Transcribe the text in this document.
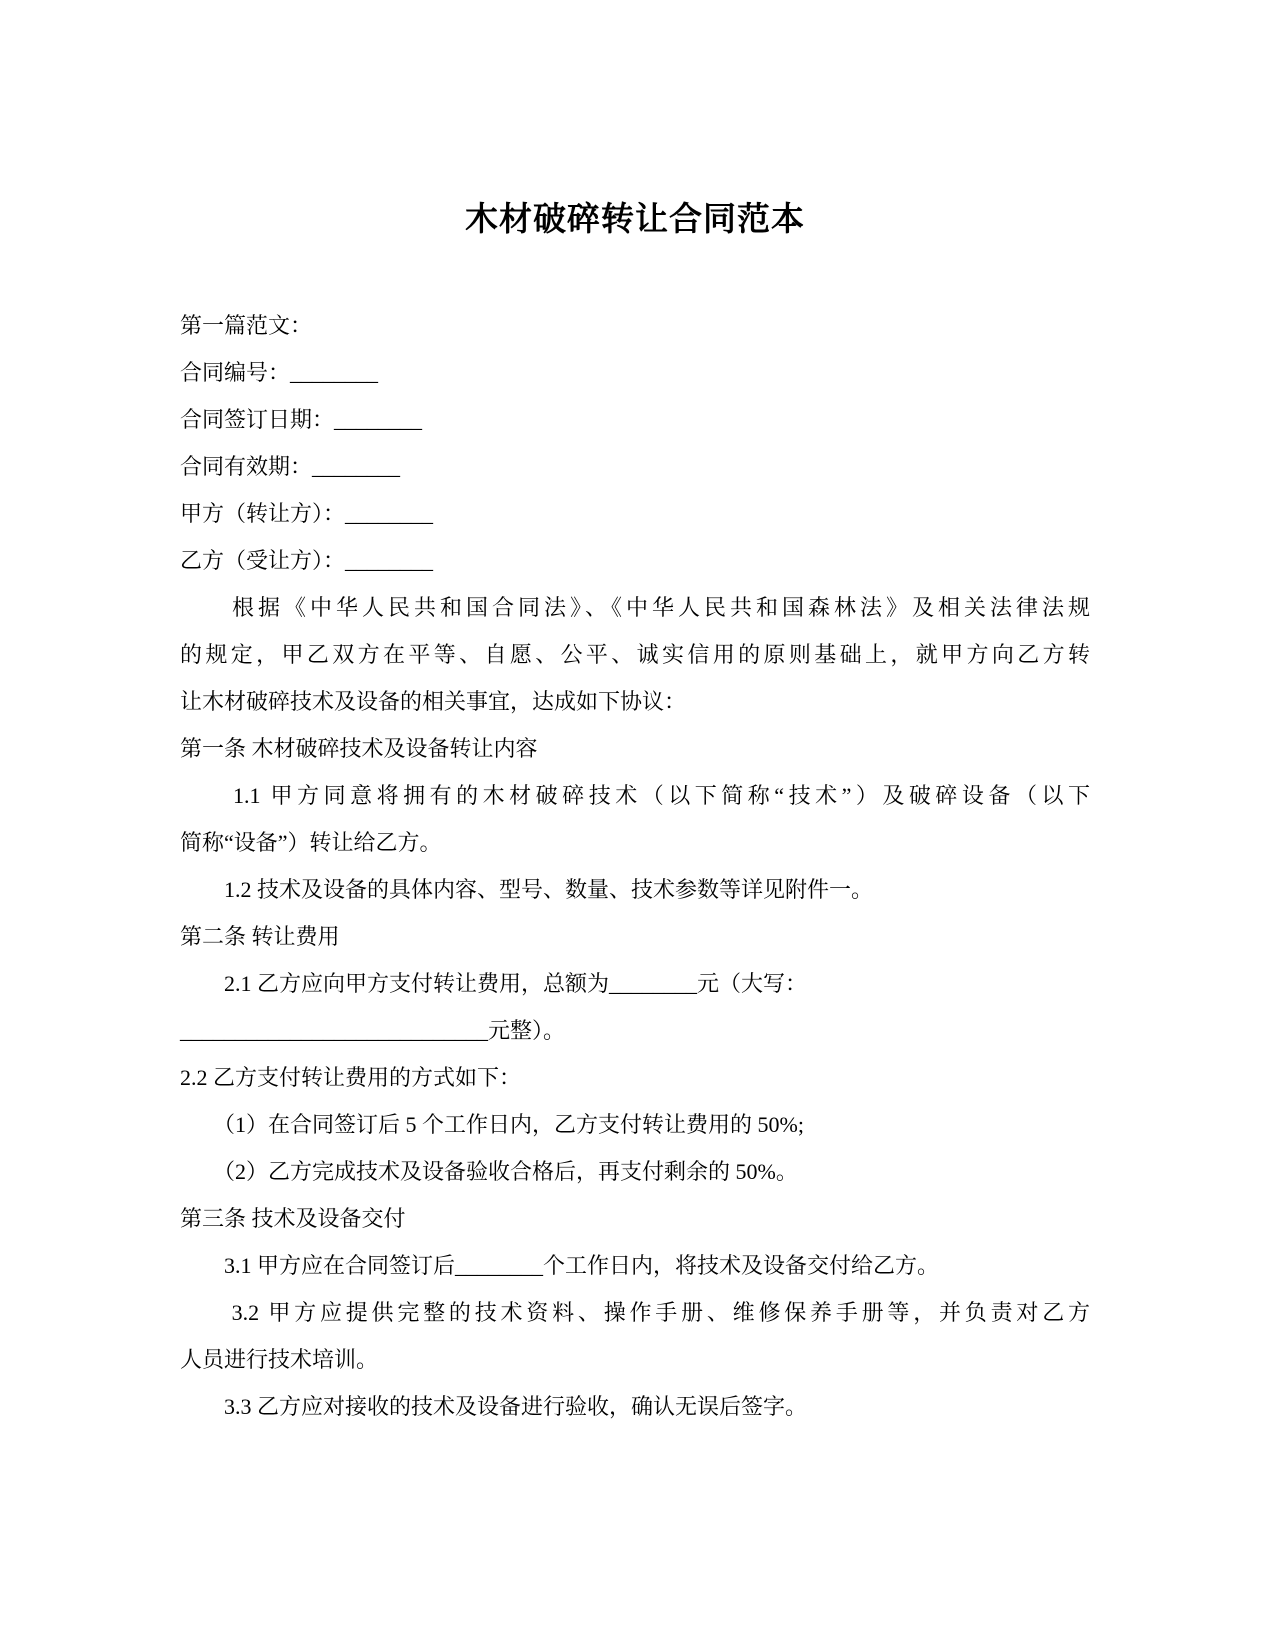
木材破碎转让合同范本
第一篇范文：
合同编号：________
合同签订日期：________
合同有效期：________
甲方（转让方）：________
乙方（受让方）：________
　　根据《中华人民共和国合同法》、《中华人民共和国森林法》及相关法律法规
的规定，甲乙双方在平等、自愿、公平、诚实信用的原则基础上，就甲方向乙方转
让木材破碎技术及设备的相关事宜，达成如下协议：
第一条 木材破碎技术及设备转让内容
　　1.1 甲方同意将拥有的木材破碎技术（以下简称“技术”）及破碎设备（以下
简称“设备”）转让给乙方。
　　1.2 技术及设备的具体内容、型号、数量、技术参数等详见附件一。
第二条 转让费用
　　2.1 乙方应向甲方支付转让费用，总额为________元（大写：
____________________________元整）。
2.2 乙方支付转让费用的方式如下：
　　（1）在合同签订后 5 个工作日内，乙方支付转让费用的 50%;
　　（2）乙方完成技术及设备验收合格后，再支付剩余的 50%。
第三条 技术及设备交付
　　3.1 甲方应在合同签订后________个工作日内，将技术及设备交付给乙方。
　　3.2 甲方应提供完整的技术资料、操作手册、维修保养手册等，并负责对乙方
人员进行技术培训。
　　3.3 乙方应对接收的技术及设备进行验收，确认无误后签字。
